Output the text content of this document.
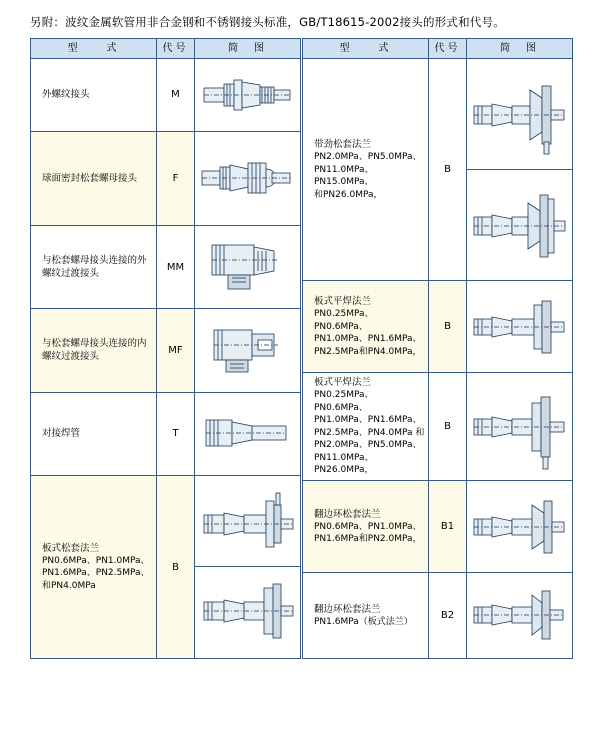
另附：波纹金属软管用非合金钢和不锈钢接头标准，GB/T18615-2002接头的形式和代号。
型　　式	代号	简　图

外螺纹接头	M	

球面密封松套螺母接头	F	

与松套螺母接头连接的外螺纹过渡接头	MM	

与松套螺母接头连接的内螺纹过渡接头	MF	

对接焊管	T	

板式松套法兰
PN0.6MPa、PN1.0MPa、
PN1.6MPa、PN2.5MPa、
和PN4.0MPa	B	
型　　式	代号	简　图

带劲松套法兰
PN2.0MPa、PN5.0MPa、
PN11.0MPa、PN15.0MPa、
和PN26.0MPa，	B	

板式平焊法兰
PN0.25MPa、PN0.6MPa、
PN1.0MPa、PN1.6MPa、
PN2.5MPa和PN4.0MPa，	B	

板式平焊法兰
PN0.25MPa、PN0.6MPa、
PN1.0MPa、PN1.6MPa、
PN2.5MPa、PN4.0MPa 和
PN2.0MPa、PN5.0MPa、
PN11.0MPa、PN26.0MPa，
	B	

翻边环松套法兰
PN0.6MPa、PN1.0MPa、
PN1.6MPa和PN2.0MPa，	B1	

翻边环松套法兰
PN1.6MPa（板式法兰）	B2	
